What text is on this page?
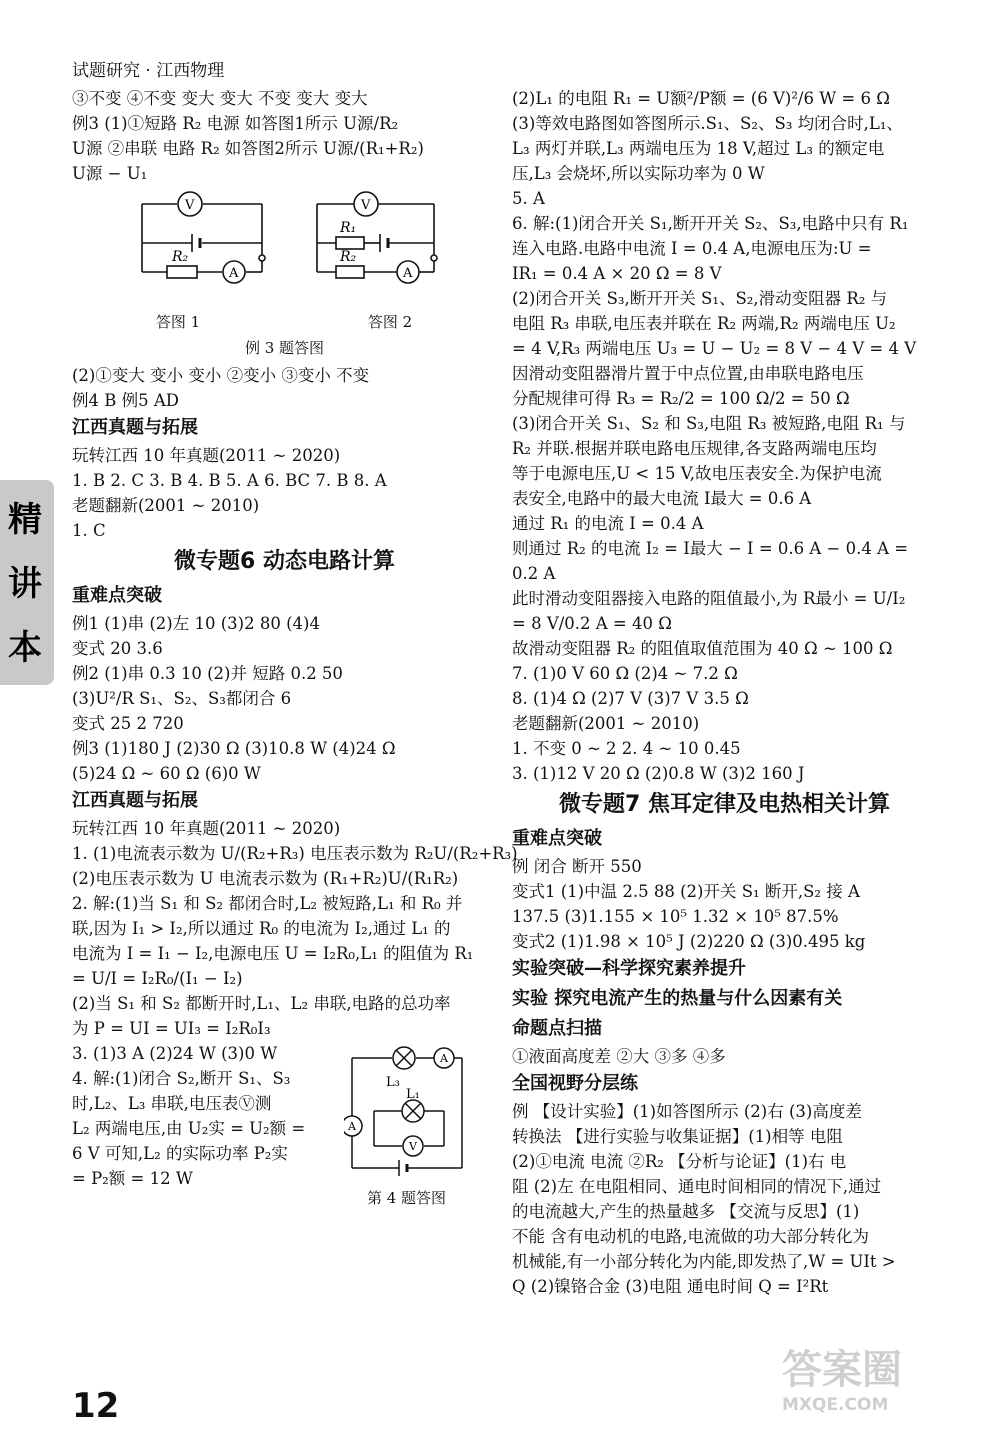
试题研究 · 江西物理
精
讲
本
③不变 ④不变 变大 变大 不变 变大 变大
例3 (1)①短路 R₂ 电源 如答图1所示 U源/R₂
U源 ②串联 电路 R₂ 如答图2所示 U源/(R₁+R₂)
U源 − U₁
V
A
R₂
V
A
R₁
R₂
答图 1	答图 2
例 3 题答图
(2)①变大 变小 变小 ②变小 ③变小 不变
例4 B 例5 AD
江西真题与拓展
玩转江西 10 年真题(2011 ~ 2020)
1. B 2. C 3. B 4. B 5. A 6. BC 7. B 8. A
老题翻新(2001 ~ 2010)
1. C
微专题6 动态电路计算
重难点突破
例1 (1)串 (2)左 10 (3)2 80 (4)4
变式 20 3.6
例2 (1)串 0.3 10 (2)并 短路 0.2 50
(3)U²/R S₁、S₂、S₃都闭合 6
变式 25 2 720
例3 (1)180 J (2)30 Ω (3)10.8 W (4)24 Ω
(5)24 Ω ~ 60 Ω (6)0 W
江西真题与拓展
玩转江西 10 年真题(2011 ~ 2020)
1. (1)电流表示数为 U/(R₂+R₃) 电压表示数为 R₂U/(R₂+R₃)
(2)电压表示数为 U 电流表示数为 (R₁+R₂)U/(R₁R₂)
2. 解:(1)当 S₁ 和 S₂ 都闭合时,L₂ 被短路,L₁ 和 R₀ 并
联,因为 I₁ > I₂,所以通过 R₀ 的电流为 I₂,通过 L₁ 的
电流为 I = I₁ − I₂,电源电压 U = I₂R₀,L₁ 的阻值为 R₁
= U/I = I₂R₀/(I₁ − I₂)
(2)当 S₁ 和 S₂ 都断开时,L₁、L₂ 串联,电路的总功率
为 P = UI = UI₃ = I₂R₀I₃
3. (1)3 A (2)24 W (3)0 W
4. 解:(1)闭合 S₂,断开 S₁、S₃
时,L₂、L₃ 串联,电压表Ⓥ测
L₂ 两端电压,由 U₂实 = U₂额 =
6 V 可知,L₂ 的实际功率 P₂实
= P₂额 = 12 W
A
A
V
L₃
L₁
第 4 题答图
(2)L₁ 的电阻 R₁ = U额²/P额 = (6 V)²/6 W = 6 Ω
(3)等效电路图如答图所示.S₁、S₂、S₃ 均闭合时,L₁、
L₃ 两灯并联,L₃ 两端电压为 18 V,超过 L₃ 的额定电
压,L₃ 会烧坏,所以实际功率为 0 W
5. A
6. 解:(1)闭合开关 S₁,断开开关 S₂、S₃,电路中只有 R₁
连入电路.电路中电流 I = 0.4 A,电源电压为:U =
IR₁ = 0.4 A × 20 Ω = 8 V
(2)闭合开关 S₃,断开开关 S₁、S₂,滑动变阻器 R₂ 与
电阻 R₃ 串联,电压表并联在 R₂ 两端,R₂ 两端电压 U₂
= 4 V,R₃ 两端电压 U₃ = U − U₂ = 8 V − 4 V = 4 V
因滑动变阻器滑片置于中点位置,由串联电路电压
分配规律可得 R₃ = R₂/2 = 100 Ω/2 = 50 Ω
(3)闭合开关 S₁、S₂ 和 S₃,电阻 R₃ 被短路,电阻 R₁ 与
R₂ 并联.根据并联电路电压规律,各支路两端电压均
等于电源电压,U < 15 V,故电压表安全.为保护电流
表安全,电路中的最大电流 I最大 = 0.6 A
通过 R₁ 的电流 I = 0.4 A
则通过 R₂ 的电流 I₂ = I最大 − I = 0.6 A − 0.4 A =
0.2 A
此时滑动变阻器接入电路的阻值最小,为 R最小 = U/I₂
= 8 V/0.2 A = 40 Ω
故滑动变阻器 R₂ 的阻值取值范围为 40 Ω ~ 100 Ω
7. (1)0 V 60 Ω (2)4 ~ 7.2 Ω
8. (1)4 Ω (2)7 V (3)7 V 3.5 Ω
老题翻新(2001 ~ 2010)
1. 不变 0 ~ 2 2. 4 ~ 10 0.45
3. (1)12 V 20 Ω (2)0.8 W (3)2 160 J
微专题7 焦耳定律及电热相关计算
重难点突破
例 闭合 断开 550
变式1 (1)中温 2.5 88 (2)开关 S₁ 断开,S₂ 接 A
137.5 (3)1.155 × 10⁵ 1.32 × 10⁵ 87.5%
变式2 (1)1.98 × 10⁵ J (2)220 Ω (3)0.495 kg
实验突破—科学探究素养提升
实验 探究电流产生的热量与什么因素有关
命题点扫描
①液面高度差 ②大 ③多 ④多
全国视野分层练
例 【设计实验】(1)如答图所示 (2)右 (3)高度差
转换法 【进行实验与收集证据】(1)相等 电阻
(2)①电流 电流 ②R₂ 【分析与论证】(1)右 电
阻 (2)左 在电阻相同、通电时间相同的情况下,通过
的电流越大,产生的热量越多 【交流与反思】(1)
不能 含有电动机的电路,电流做的功大部分转化为
机械能,有一小部分转化为内能,即发热了,W = UIt >
Q (2)镍铬合金 (3)电阻 通电时间 Q = I²Rt
12
答案圈
MXQE.COM
